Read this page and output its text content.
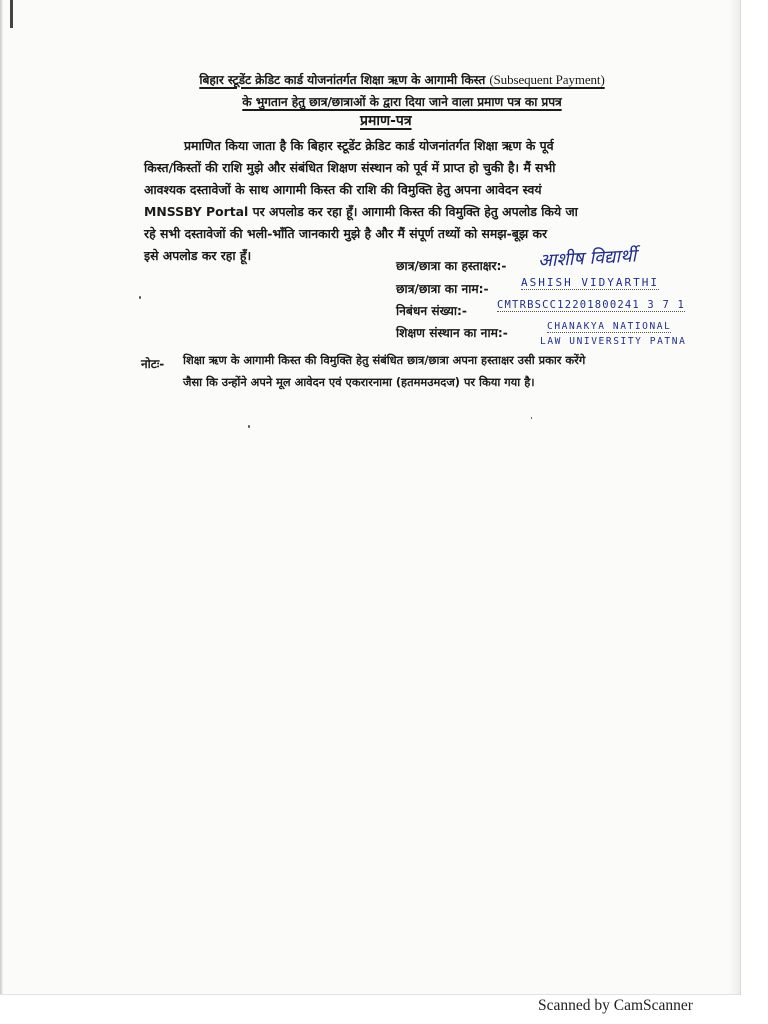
बिहार स्टूडेंट क्रेडिट कार्ड योजनांतर्गत शिक्षा ऋण के आगामी किस्त (Subsequent Payment)
के भुगतान हेतु छात्र/छात्राओं के द्वारा दिया जाने वाला प्रमाण पत्र का प्रपत्र
प्रमाण-पत्र
प्रमाणित किया जाता है कि बिहार स्टूडेंट क्रेडिट कार्ड योजनांतर्गत शिक्षा ऋण के पूर्व
किस्त/किस्तों की राशि मुझे और संबंधित शिक्षण संस्थान को पूर्व में प्राप्त हो चुकी है। मैं सभी
आवश्यक दस्तावेजों के साथ आगामी किस्त की राशि की विमुक्ति हेतु अपना आवेदन स्वयं
MNSSBY Portal पर अपलोड कर रहा हूँ। आगामी किस्त की विमुक्ति हेतु अपलोड किये जा
रहे सभी दस्तावेजों की भली-भाँति जानकारी मुझे है और मैं संपूर्ण तथ्यों को समझ-बूझ कर
इसे अपलोड कर रहा हूँ।
छात्र/छात्रा का हस्ताक्षर:- आशीष विद्यार्थी
छात्र/छात्रा का नाम:-	ASHISH VIDYARTHI
निबंधन संख्या:-	CMTRBSCC12201800241 3 7 1
शिक्षण संस्थान का नाम:-	CHANAKYA NATIONAL
LAW UNIVERSITY PATNA
नोटः- शिक्षा ऋण के आगामी किस्त की विमुक्ति हेतु संबंधित छात्र/छात्रा अपना हस्ताक्षर उसी प्रकार करेंगे
जैसा कि उन्होंने अपने मूल आवेदन एवं एकरारनामा (हतममउमदज) पर किया गया है।
Scanned by CamScanner
